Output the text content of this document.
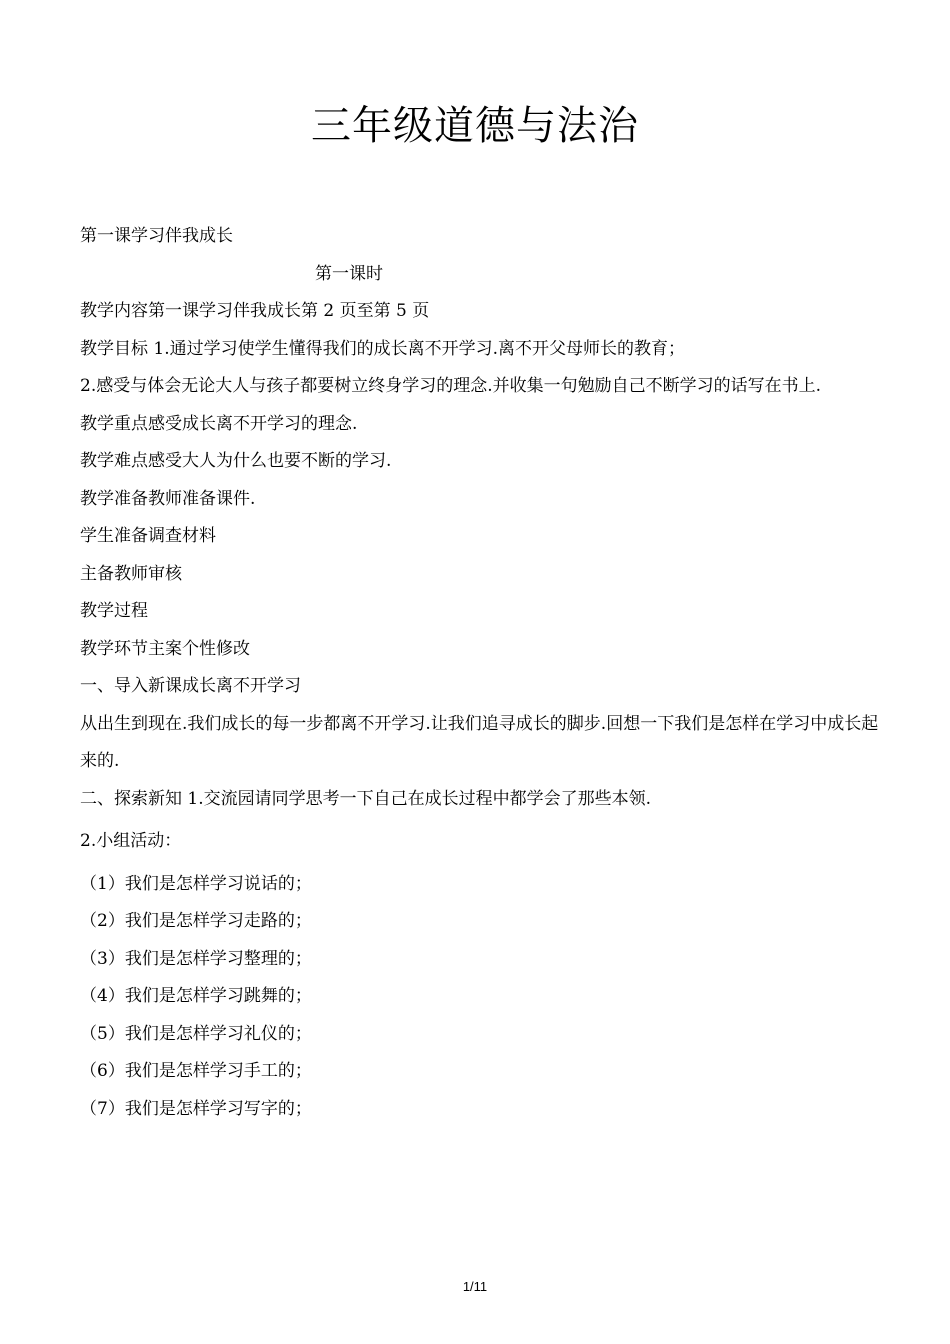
三年级道德与法治
第一课学习伴我成长
第一课时
教学内容第一课学习伴我成长第 2 页至第 5 页
教学目标 1.通过学习使学生懂得我们的成长离不开学习.离不开父母师长的教育；
2.感受与体会无论大人与孩子都要树立终身学习的理念.并收集一句勉励自己不断学习的话写在书上.
教学重点感受成长离不开学习的理念.
教学难点感受大人为什么也要不断的学习.
教学准备教师准备课件.
学生准备调查材料
主备教师审核
教学过程
教学环节主案个性修改
一、导入新课成长离不开学习
从出生到现在.我们成长的每一步都离不开学习.让我们追寻成长的脚步.回想一下我们是怎样在学习中成长起来的.
二、探索新知 1.交流园请同学思考一下自己在成长过程中都学会了那些本领.
2.小组活动：
（1）我们是怎样学习说话的；
（2）我们是怎样学习走路的；
（3）我们是怎样学习整理的；
（4）我们是怎样学习跳舞的；
（5）我们是怎样学习礼仪的；
（6）我们是怎样学习手工的；
（7）我们是怎样学习写字的；
1/11
